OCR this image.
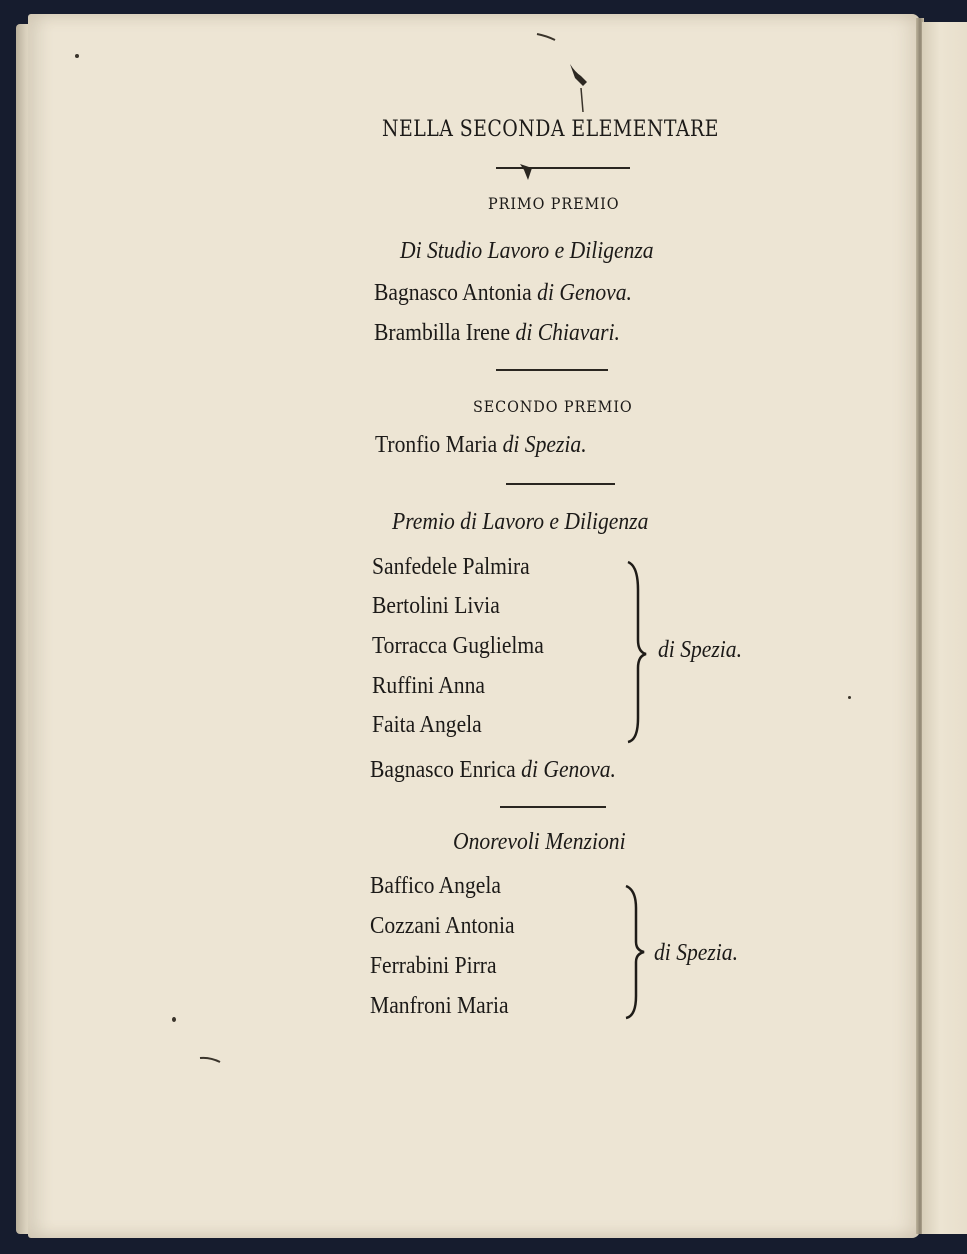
NELLA SECONDA ELEMENTARE
PRIMO PREMIO
Di Studio Lavoro e Diligenza
Bagnasco Antonia di Genova.
Brambilla Irene di Chiavari.
SECONDO PREMIO
Tronfio Maria di Spezia.
Premio di Lavoro e Diligenza
Sanfedele Palmira
Bertolini Livia
Torracca Guglielma
Ruffini Anna
Faita Angela
di Spezia.
Bagnasco Enrica di Genova.
Onorevoli Menzioni
Baffico Angela
Cozzani Antonia
Ferrabini Pirra
Manfroni Maria
di Spezia.
